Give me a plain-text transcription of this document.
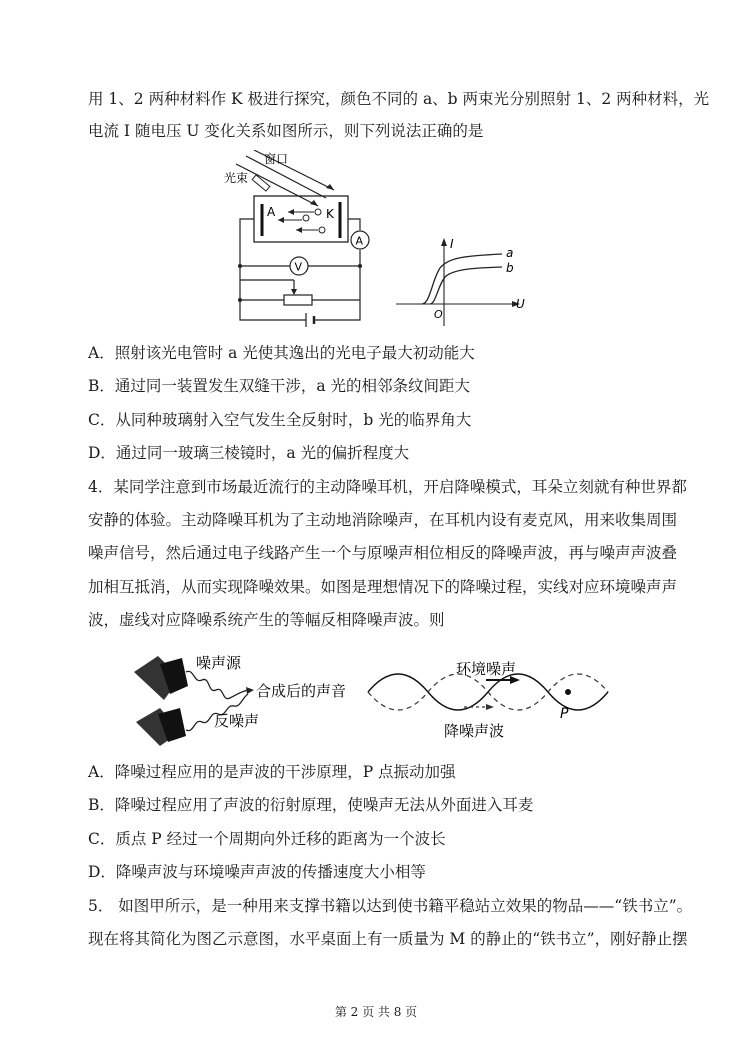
用 1、2 两种材料作 K 极进行探究，颜色不同的 a、b 两束光分别照射 1、2 两种材料，光
电流 I 随电压 U 变化关系如图所示，则下列说法正确的是
窗口
光束
A	K
A
V
I
U
O
a
b
A．照射该光电管时 a 光使其逸出的光电子最大初动能大
B．通过同一装置发生双缝干涉，a 光的相邻条纹间距大
C．从同种玻璃射入空气发生全反射时，b 光的临界角大
D．通过同一玻璃三棱镜时，a 光的偏折程度大
4．某同学注意到市场最近流行的主动降噪耳机，开启降噪模式，耳朵立刻就有种世界都
安静的体验。主动降噪耳机为了主动地消除噪声，在耳机内设有麦克风，用来收集周围
噪声信号，然后通过电子线路产生一个与原噪声相位相反的降噪声波，再与噪声声波叠
加相互抵消，从而实现降噪效果。如图是理想情况下的降噪过程，实线对应环境噪声声
波，虚线对应降噪系统产生的等幅反相降噪声波。则
噪声源
合成后的声音
反噪声	P
环境噪声
降噪声波
A．降噪过程应用的是声波的干涉原理，P 点振动加强
B．降噪过程应用了声波的衍射原理，使噪声无法从外面进入耳麦
C．质点 P 经过一个周期向外迁移的距离为一个波长
D．降噪声波与环境噪声声波的传播速度大小相等
5． 如图甲所示，是一种用来支撑书籍以达到使书籍平稳站立效果的物品——“铁书立”。
现在将其简化为图乙示意图，水平桌面上有一质量为 M 的静止的“铁书立”，刚好静止摆
第 2 页 共 8 页
